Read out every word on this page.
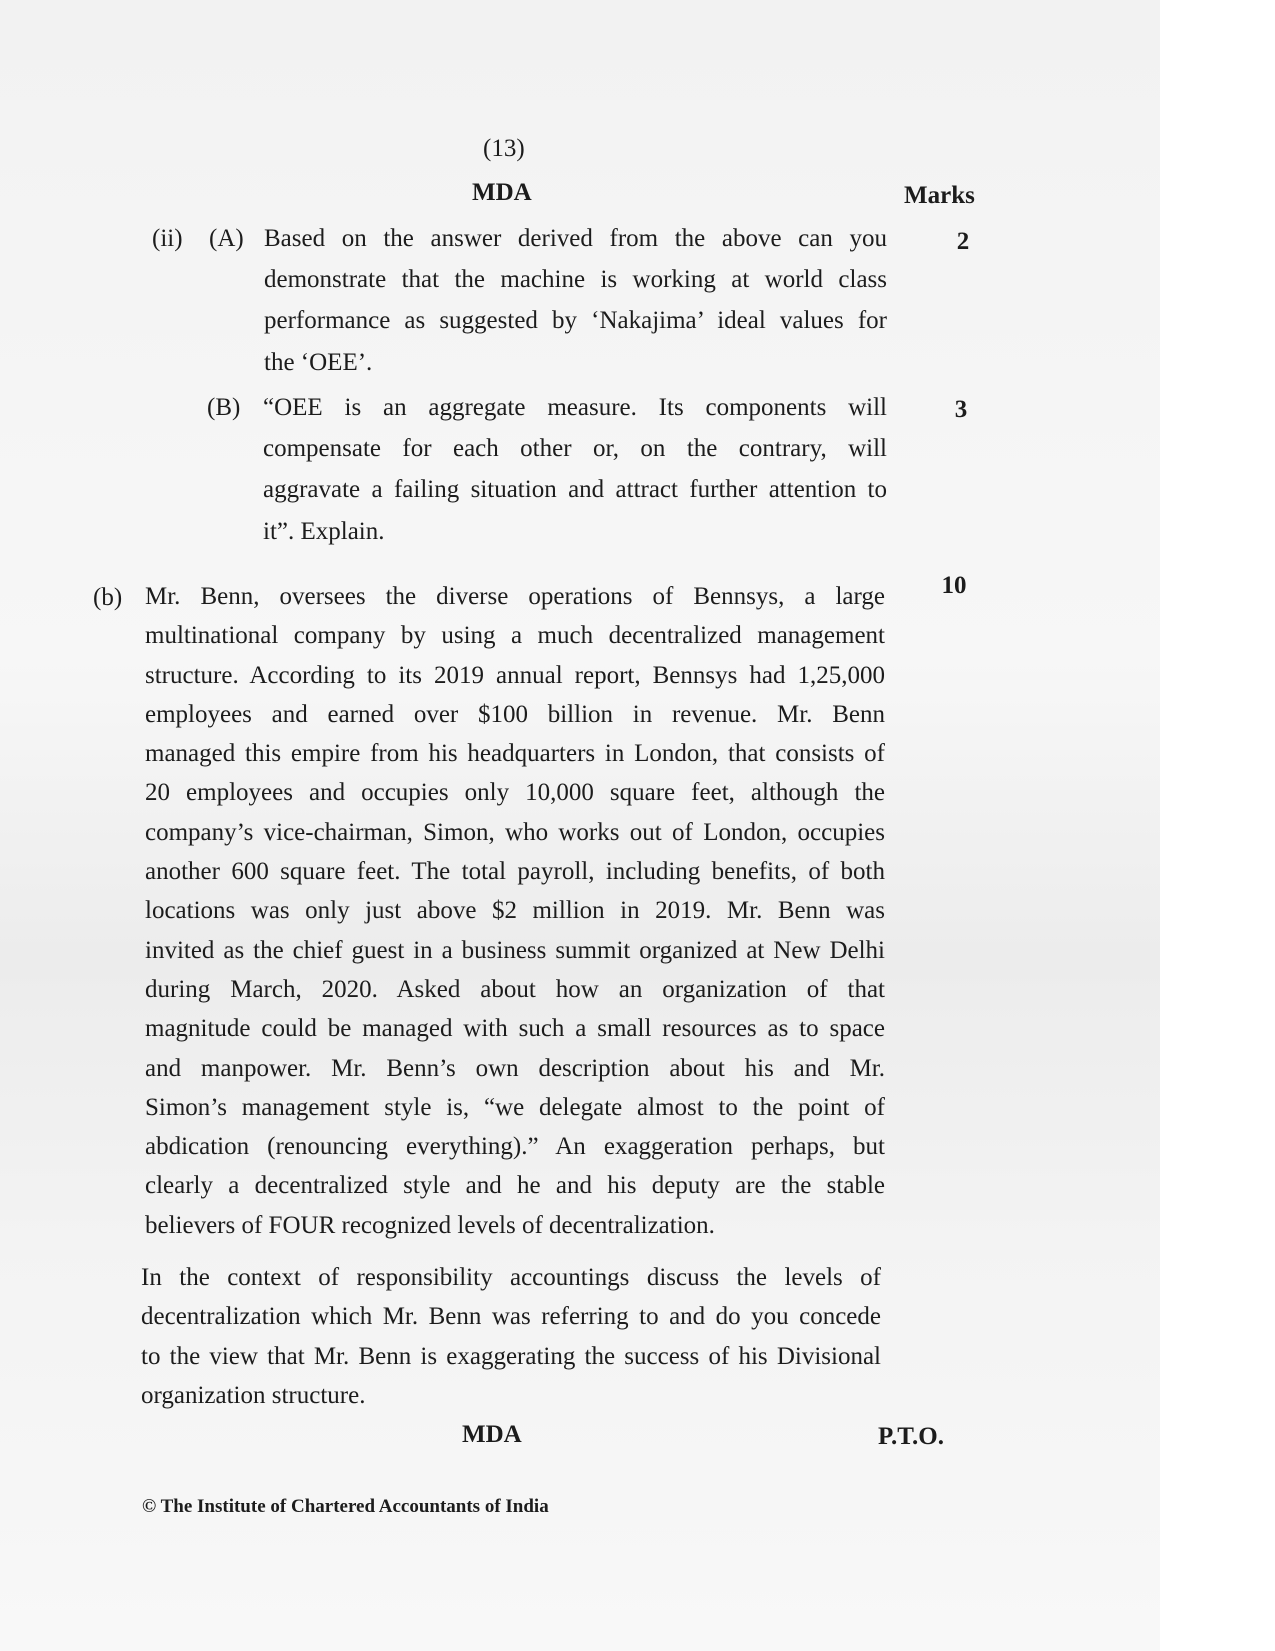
(13)
MDA	Marks
(ii) (A) Based on the answer derived from the above can you
demonstrate that the machine is working at world class
performance as suggested by ‘Nakajima’ ideal values for
the ‘OEE’.
2
(B) “OEE is an aggregate measure. Its components will
compensate for each other or, on the contrary, will
aggravate a failing situation and attract further attention to
it”. Explain.
3
(b) Mr. Benn, oversees the diverse operations of Bennsys, a large
multinational company by using a much decentralized management
structure. According to its 2019 annual report, Bennsys had 1,25,000
employees and earned over $100 billion in revenue. Mr. Benn
managed this empire from his headquarters in London, that consists of
20 employees and occupies only 10,000 square feet, although the
company’s vice-chairman, Simon, who works out of London, occupies
another 600 square feet. The total payroll, including benefits, of both
locations was only just above $2 million in 2019. Mr. Benn was
invited as the chief guest in a business summit organized at New Delhi
during March, 2020. Asked about how an organization of that
magnitude could be managed with such a small resources as to space
and manpower. Mr. Benn’s own description about his and Mr.
Simon’s management style is, “we delegate almost to the point of
abdication (renouncing everything).” An exaggeration perhaps, but
clearly a decentralized style and he and his deputy are the stable
believers of FOUR recognized levels of decentralization.
10
In the context of responsibility accountings discuss the levels of
decentralization which Mr. Benn was referring to and do you concede
to the view that Mr. Benn is exaggerating the success of his Divisional
organization structure.
MDA	P.T.O.
© The Institute of Chartered Accountants of India
